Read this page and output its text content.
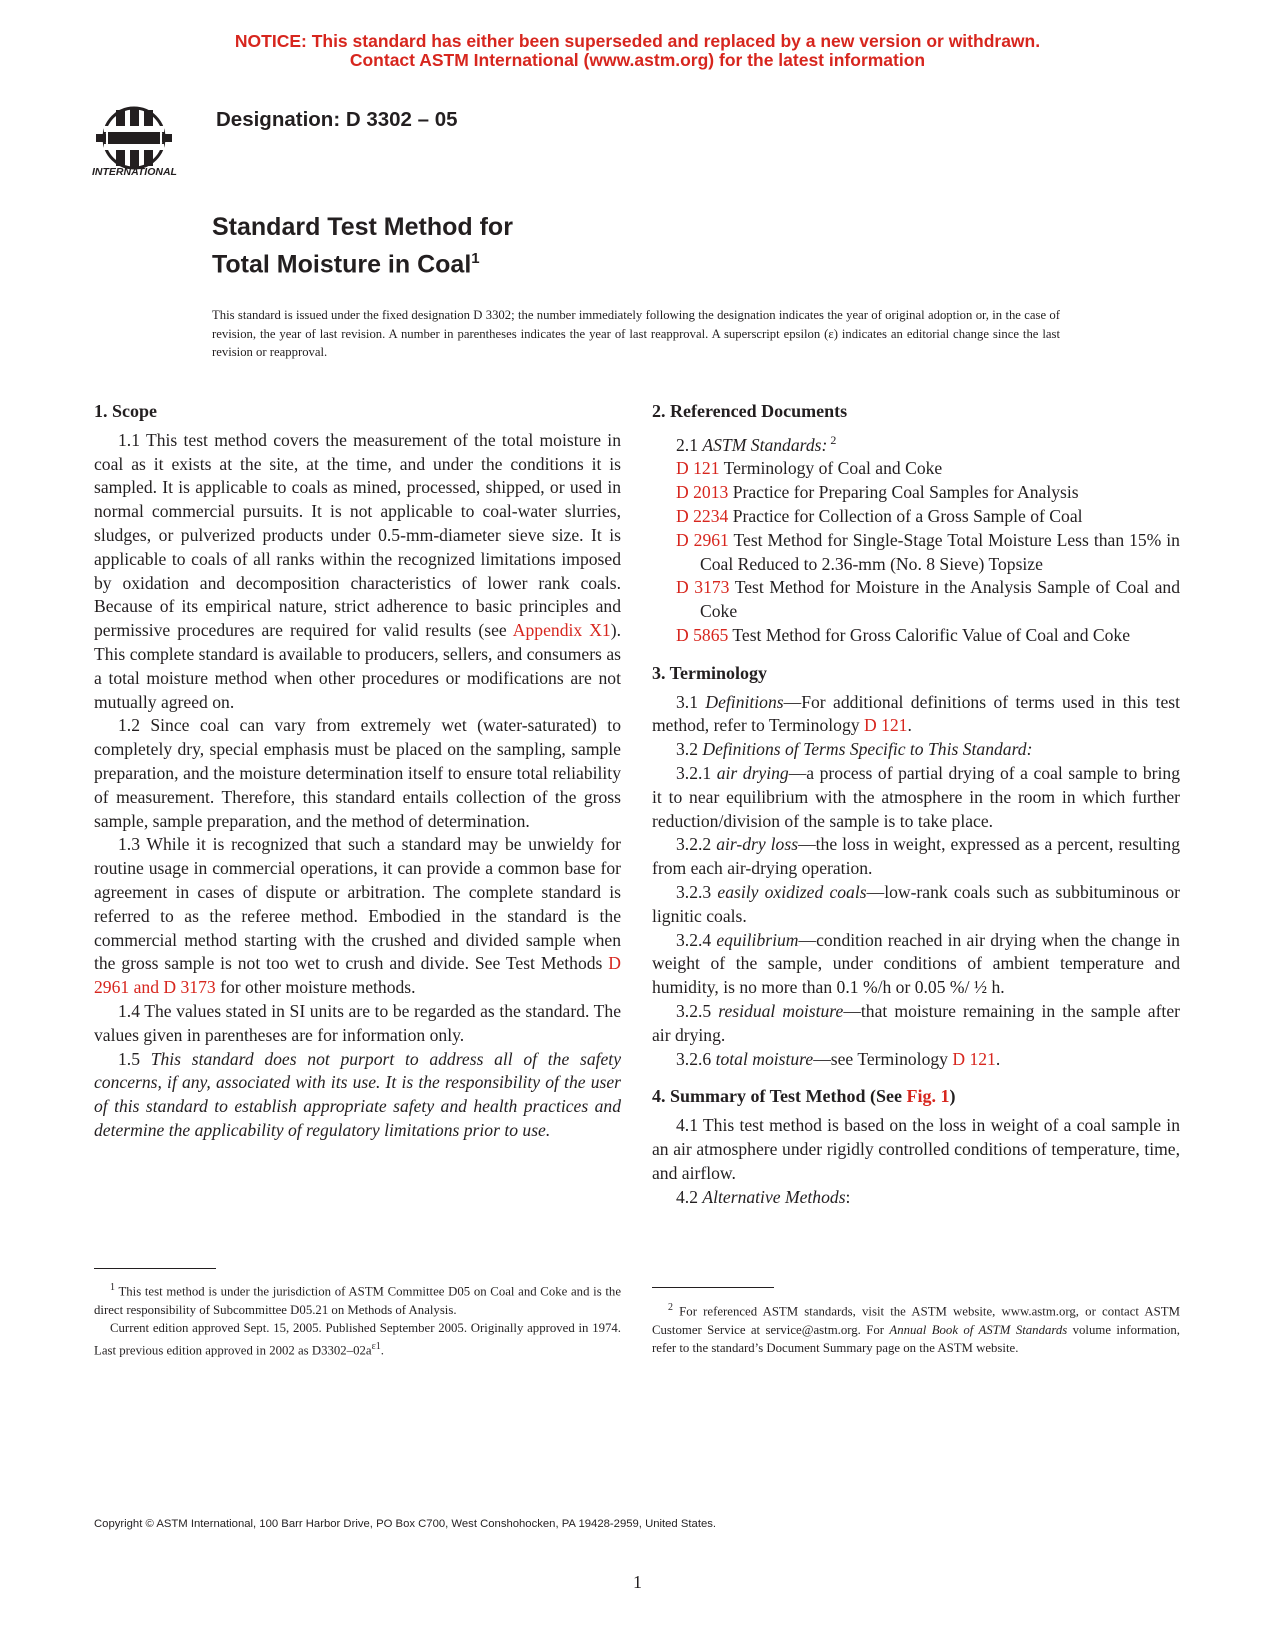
NOTICE: This standard has either been superseded and replaced by a new version or withdrawn.
Contact ASTM International (www.astm.org) for the latest information
INTERNATIONAL
Designation: D 3302 – 05
Standard Test Method for
Total Moisture in Coal$^1$
This standard is issued under the fixed designation D 3302; the number immediately following the designation indicates the year of original adoption or, in the case of revision, the year of last revision. A number in parentheses indicates the year of last reapproval. A superscript epsilon (ε) indicates an editorial change since the last revision or reapproval.
1. Scope

1.1 This test method covers the measurement of the total moisture in coal as it exists at the site, at the time, and under the conditions it is sampled. It is applicable to coals as mined, processed, shipped, or used in normal commercial pursuits. It is not applicable to coal-water slurries, sludges, or pulverized products under 0.5-mm-diameter sieve size. It is applicable to coals of all ranks within the recognized limitations imposed by oxidation and decomposition characteristics of lower rank coals. Because of its empirical nature, strict adherence to basic principles and permissive procedures are required for valid results (see Appendix X1). This complete standard is available to producers, sellers, and consumers as a total moisture method when other procedures or modifications are not mutually agreed on.

1.2 Since coal can vary from extremely wet (water-saturated) to completely dry, special emphasis must be placed on the sampling, sample preparation, and the moisture determination itself to ensure total reliability of measurement. Therefore, this standard entails collection of the gross sample, sample preparation, and the method of determination.

1.3 While it is recognized that such a standard may be unwieldy for routine usage in commercial operations, it can provide a common base for agreement in cases of dispute or arbitration. The complete standard is referred to as the referee method. Embodied in the standard is the commercial method starting with the crushed and divided sample when the gross sample is not too wet to crush and divide. See Test Methods D 2961 and D 3173 for other moisture methods.

1.4 The values stated in SI units are to be regarded as the standard. The values given in parentheses are for information only.

1.5 This standard does not purport to address all of the safety concerns, if any, associated with its use. It is the responsibility of the user of this standard to establish appropriate safety and health practices and determine the applicability of regulatory limitations prior to use.

2. Referenced Documents

2.1 ASTM Standards: $^2$

D 121 Terminology of Coal and Coke
D 2013 Practice for Preparing Coal Samples for Analysis
D 2234 Practice for Collection of a Gross Sample of Coal
D 2961 Test Method for Single-Stage Total Moisture Less than 15% in Coal Reduced to 2.36-mm (No. 8 Sieve) Topsize
D 3173 Test Method for Moisture in the Analysis Sample of Coal and Coke
D 5865 Test Method for Gross Calorific Value of Coal and Coke
3. Terminology

3.1 Definitions—For additional definitions of terms used in this test method, refer to Terminology D 121.

3.2 Definitions of Terms Specific to This Standard:

3.2.1 air drying—a process of partial drying of a coal sample to bring it to near equilibrium with the atmosphere in the room in which further reduction/division of the sample is to take place.

3.2.2 air-dry loss—the loss in weight, expressed as a percent, resulting from each air-drying operation.

3.2.3 easily oxidized coals—low-rank coals such as subbituminous or lignitic coals.

3.2.4 equilibrium—condition reached in air drying when the change in weight of the sample, under conditions of ambient temperature and humidity, is no more than 0.1 %/h or 0.05 %/ ½ h.

3.2.5 residual moisture—that moisture remaining in the sample after air drying.

3.2.6 total moisture—see Terminology D 121.

4. Summary of Test Method (See Fig. 1)

4.1 This test method is based on the loss in weight of a coal sample in an air atmosphere under rigidly controlled conditions of temperature, time, and airflow.

4.2 Alternative Methods:

$^1$ This test method is under the jurisdiction of ASTM Committee D05 on Coal and Coke and is the direct responsibility of Subcommittee D05.21 on Methods of Analysis.

Current edition approved Sept. 15, 2005. Published September 2005. Originally approved in 1974. Last previous edition approved in 2002 as $D3302-02a^{\varepsilon 1}$.

$^2$ For referenced ASTM standards, visit the ASTM website, www.astm.org, or contact ASTM Customer Service at service@astm.org. For Annual Book of ASTM Standards volume information, refer to the standard’s Document Summary page on the ASTM website.

Copyright © ASTM International, 100 Barr Harbor Drive, PO Box C700, West Conshohocken, PA 19428-2959, United States.
1
